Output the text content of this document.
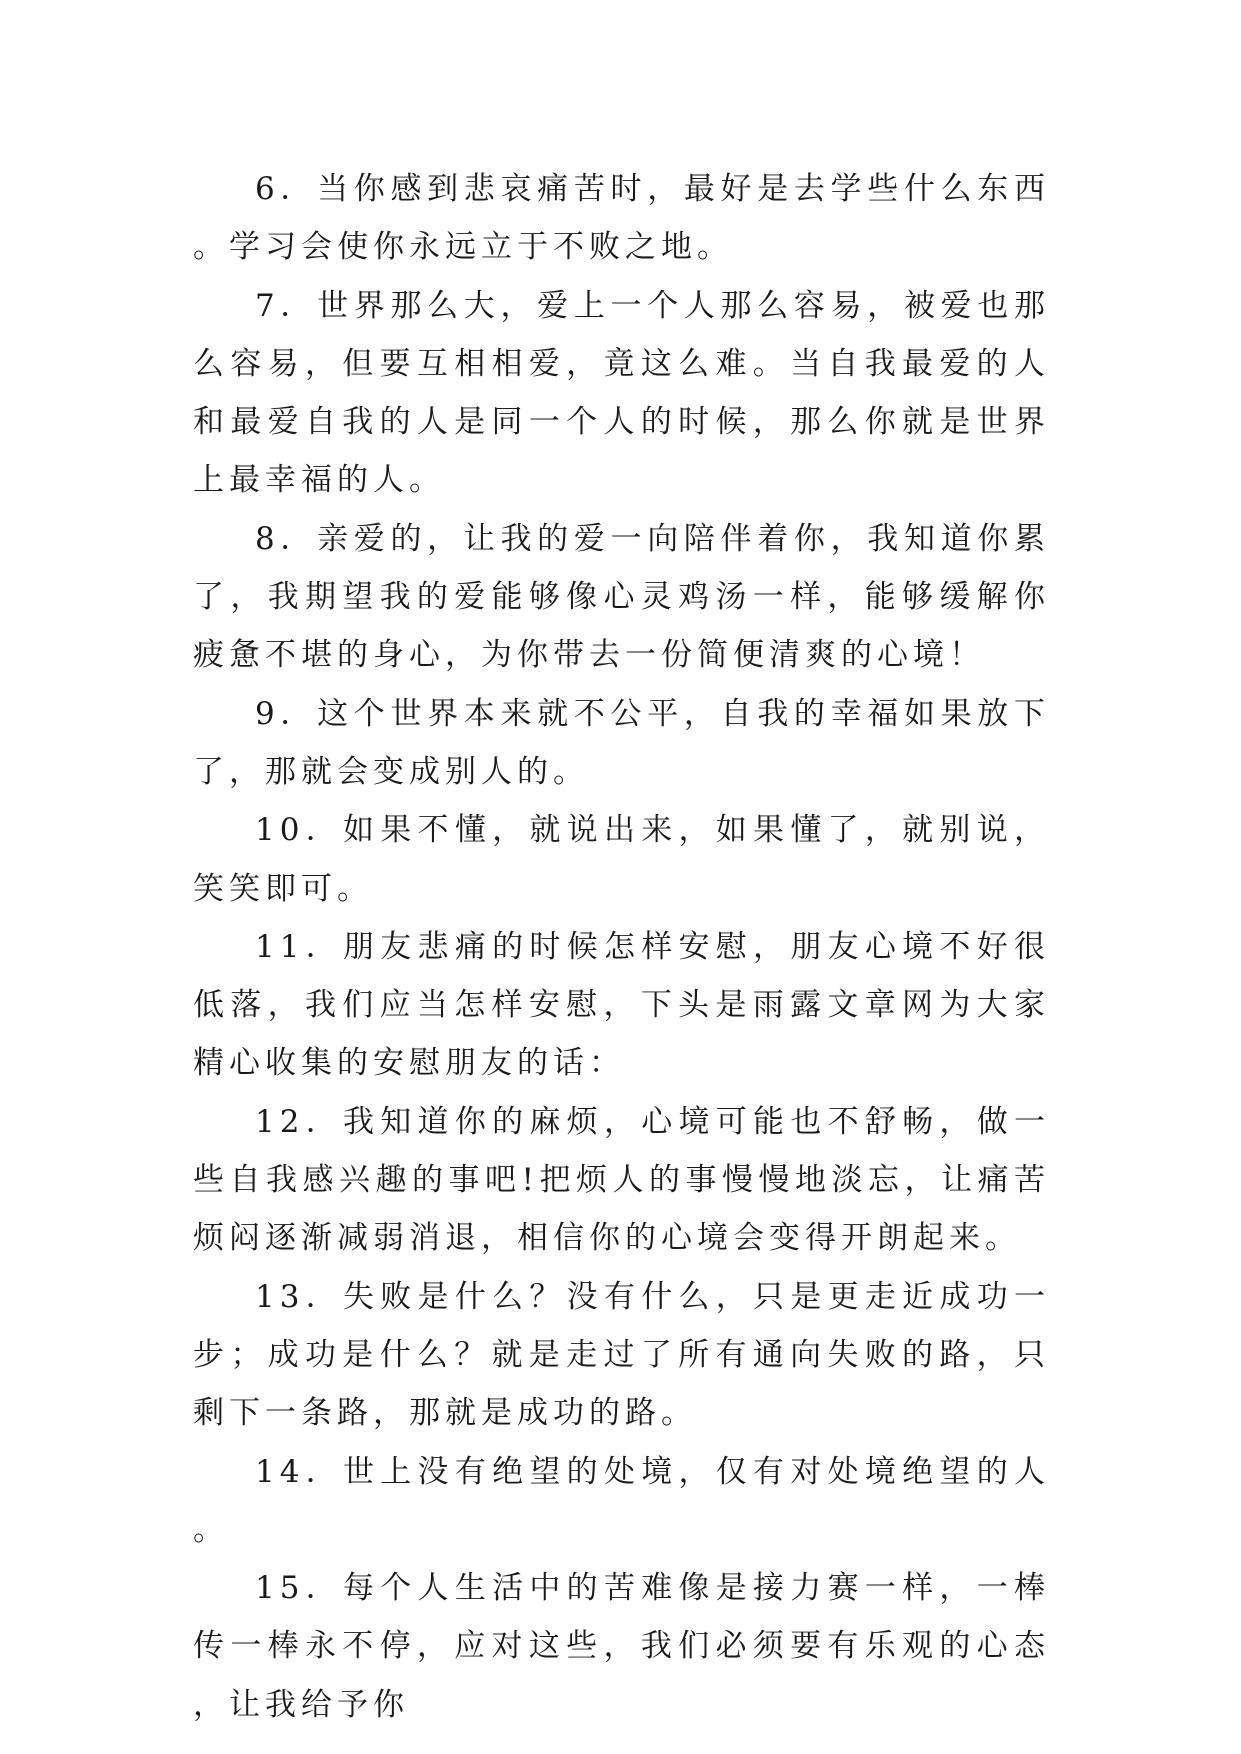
6．当你感到悲哀痛苦时，最好是去学些什么东西。学习会使你永远立于不败之地。

7．世界那么大，爱上一个人那么容易，被爱也那么容易，但要互相相爱，竟这么难。当自我最爱的人和最爱自我的人是同一个人的时候，那么你就是世界上最幸福的人。

8．亲爱的，让我的爱一向陪伴着你，我知道你累了，我期望我的爱能够像心灵鸡汤一样，能够缓解你疲惫不堪的身心，为你带去一份简便清爽的心境！

9．这个世界本来就不公平，自我的幸福如果放下了，那就会变成别人的。

10．如果不懂，就说出来，如果懂了，就别说，笑笑即可。

11．朋友悲痛的时候怎样安慰，朋友心境不好很低落，我们应当怎样安慰，下头是雨露文章网为大家精心收集的安慰朋友的话：

12．我知道你的麻烦，心境可能也不舒畅，做一些自我感兴趣的事吧!把烦人的事慢慢地淡忘，让痛苦烦闷逐渐减弱消退，相信你的心境会变得开朗起来。

13．失败是什么？没有什么，只是更走近成功一步；成功是什么？就是走过了所有通向失败的路，只剩下一条路，那就是成功的路。

14．世上没有绝望的处境，仅有对处境绝望的人。

15．每个人生活中的苦难像是接力赛一样，一棒传一棒永不停，应对这些，我们必须要有乐观的心态，让我给予你
